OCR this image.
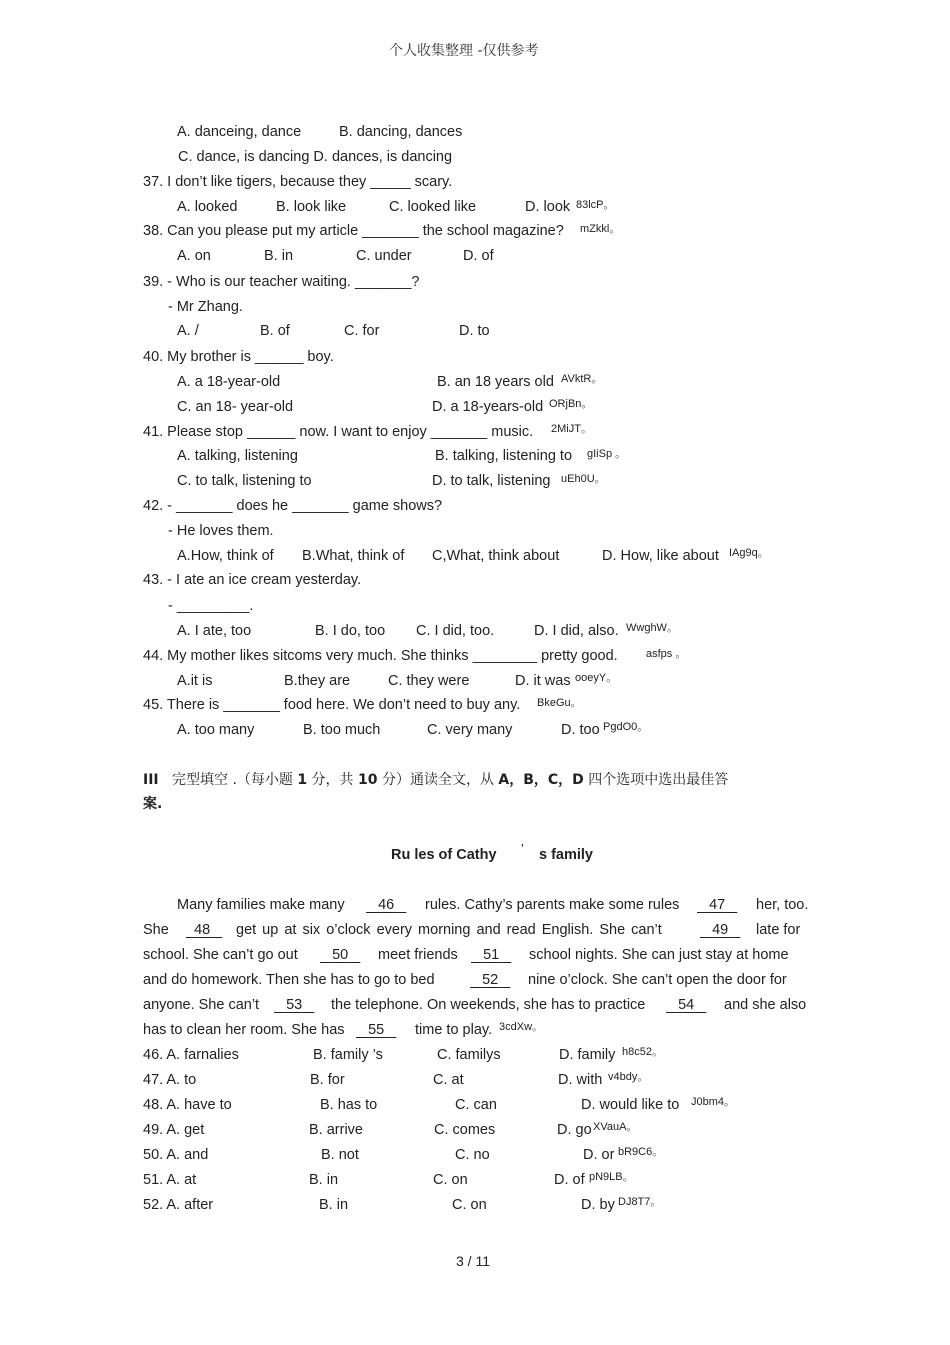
个人收集整理 -仅供参考
A. danceing, dance	B. dancing, dances
C. dance, is dancing D. dances, is dancing
37. I don’t like tigers, because they _____ scary.
A. looked	B. look like	C. looked like	D. look 83lcP。
38. Can you please put my article _______ the school magazine? mZkkl。
A. on	B. in	C. under	D. of
39. - Who is our teacher waiting. _______?
- Mr Zhang.
A. /	B. of	C. for	D. to
40. My brother is ______ boy.
A. a 18-year-old	B. an 18 years old AVktR。
C. an 18- year-old	D. a 18-years-old ORjBn。
41. Please stop ______ now. I want to enjoy _______ music. 2MiJT。
A. talking, listening	B. talking, listening to gIiSp 。
C. to talk, listening to	D. to talk, listening uEh0U。
42. - _______ does he _______ game shows?
- He loves them.
A.How, think of B.What, think of C,What, think about	D. How, like about IAg9q。
43. - I ate an ice cream yesterday.
- _________.
A. I ate, too	B. I do, too C. I did, too.	D. I did, also. WwghW。
44. My mother likes sitcoms very much. She thinks ________ pretty good.	asfps 。
A.it is	B.they are	C. they were	D. it was ooeyY。
45. There is _______ food here. We don’t need to buy any. BkeGu。
A. too many	B. too much	C. very many	D. too PgdO0。
III 完型填空 .（每小题 1 分，共 10 分）通读全文，从 A，B，C，D 四个选项中选出最佳答
案.
Ru les of Cathy ’ s family
Many families make many	46	rules. Cathy’s parents make some rules	47	her, too.
She	48	get up at six o’clock every morning and read English. She can’t	49	late for
school. She can’t go out	50	meet friends	51	school nights. She can just stay at home
and do homework. Then she has to go to bed	52	nine o’clock. She can’t open the door for
anyone. She can’t	53	the telephone. On weekends, she has to practice	54	and she also
has to clean her room. She has	55	time to play. 3cdXw。
46. A. farnalies	B. family ’s	C. familys	D. family h8c52。
47. A. to	B. for	C. at	D. with v4bdy。
48. A. have to	B. has to	C. can	D. would like to J0bm4。
49. A. get	B. arrive	C. comes	D. go XVauA。
50. A. and	B. not	C. no	D. or bR9C6。
51. A. at	B. in	C. on	D. of pN9LB。
52. A. after	B. in	C. on	D. by DJ8T7。
3 / 11
